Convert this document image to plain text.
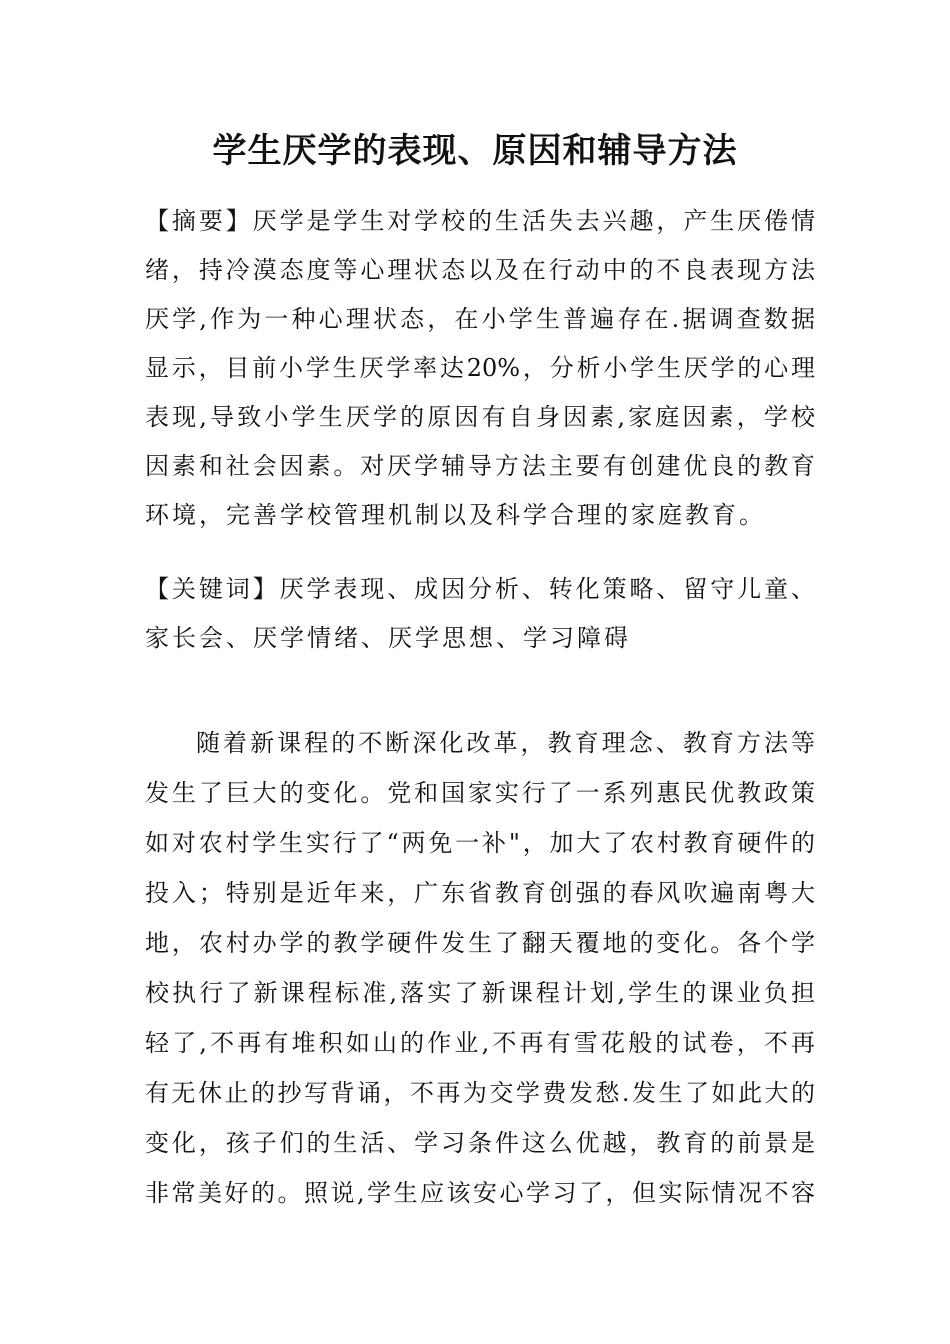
学生厌学的表现、原因和辅导方法
【摘要】厌学是学生对学校的生活失去兴趣，产生厌倦情
绪，持冷漠态度等心理状态以及在行动中的不良表现方法
厌学,作为一种心理状态，在小学生普遍存在.据调查数据
显示，目前小学生厌学率达20%，分析小学生厌学的心理
表现,导致小学生厌学的原因有自身因素,家庭因素，学校
因素和社会因素。对厌学辅导方法主要有创建优良的教育
环境，完善学校管理机制以及科学合理的家庭教育。
【关键词】厌学表现、成因分析、转化策略、留守儿童、
家长会、厌学情绪、厌学思想、学习障碍
随着新课程的不断深化改革，教育理念、教育方法等
发生了巨大的变化。党和国家实行了一系列惠民优教政策
如对农村学生实行了“两免一补"，加大了农村教育硬件的
投入；特别是近年来，广东省教育创强的春风吹遍南粤大
地，农村办学的教学硬件发生了翻天覆地的变化。各个学
校执行了新课程标准,落实了新课程计划,学生的课业负担
轻了,不再有堆积如山的作业,不再有雪花般的试卷，不再
有无休止的抄写背诵，不再为交学费发愁.发生了如此大的
变化，孩子们的生活、学习条件这么优越，教育的前景是
非常美好的。照说,学生应该安心学习了，但实际情况不容
